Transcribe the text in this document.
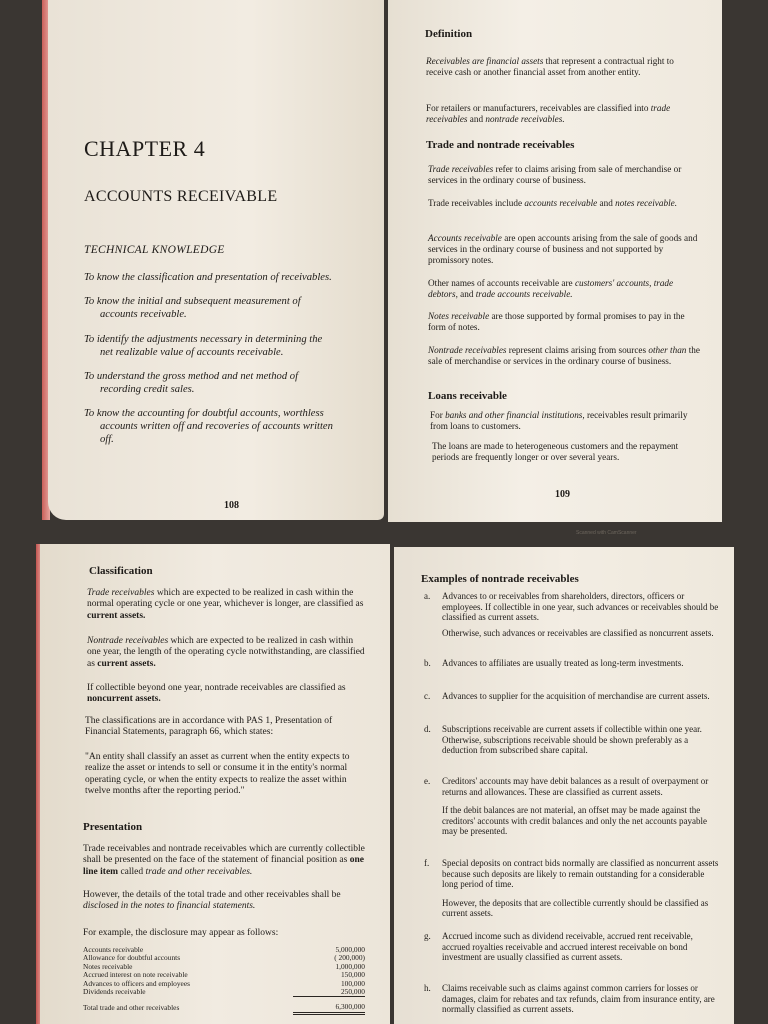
CHAPTER 4
ACCOUNTS RECEIVABLE
TECHNICAL KNOWLEDGE
To know the classification and presentation of receivables.
To know the initial and subsequent measurement of
accounts receivable.
To identify the adjustments necessary in determining the
net realizable value of accounts receivable.
To understand the gross method and net method of
recording credit sales.
To know the accounting for doubtful accounts, worthless
accounts written off and recoveries of accounts written
off.
108
Definition

Receivables are financial assets that represent a contractual right to receive cash or another financial asset from another entity.

For retailers or manufacturers, receivables are classified into trade receivables and nontrade receivables.

Trade and nontrade receivables

Trade receivables refer to claims arising from sale of merchandise or services in the ordinary course of business.

Trade receivables include accounts receivable and notes receivable.

Accounts receivable are open accounts arising from the sale of goods and services in the ordinary course of business and not supported by promissory notes.

Other names of accounts receivable are customers' accounts, trade debtors, and trade accounts receivable.

Notes receivable are those supported by formal promises to pay in the form of notes.

Nontrade receivables represent claims arising from sources other than the sale of merchandise or services in the ordinary course of business.

Loans receivable

For banks and other financial institutions, receivables result primarily from loans to customers.

The loans are made to heterogeneous customers and the repayment periods are frequently longer or over several years.

109
Scanned with CamScanner
Classification

Trade receivables which are expected to be realized in cash within the normal operating cycle or one year, whichever is longer, are classified as current assets.

Nontrade receivables which are expected to be realized in cash within one year, the length of the operating cycle notwithstanding, are classified as current assets.

If collectible beyond one year, nontrade receivables are classified as noncurrent assets.

The classifications are in accordance with PAS 1, Presentation of Financial Statements, paragraph 66, which states:

"An entity shall classify an asset as current when the entity expects to realize the asset or intends to sell or consume it in the entity's normal operating cycle, or when the entity expects to realize the asset within twelve months after the reporting period."

Presentation

Trade receivables and nontrade receivables which are currently collectible shall be presented on the face of the statement of financial position as one line item called trade and other receivables.

However, the details of the total trade and other receivables shall be disclosed in the notes to financial statements.

For example, the disclosure may appear as follows:

Accounts receivable	5,000,000
Allowance for doubtful accounts	( 200,000)
Notes receivable	1,000,000
Accrued interest on note receivable	150,000
Advances to officers and employees	100,000
Dividends receivable	250,000
Total trade and other receivables	6,300,000
Examples of nontrade receivables
a. Advances to or receivables from shareholders, directors, officers or employees. If collectible in one year, such advances or receivables should be classified as current assets.
Otherwise, such advances or receivables are classified as noncurrent assets.
b. Advances to affiliates are usually treated as long-term investments.
c. Advances to supplier for the acquisition of merchandise are current assets.
d. Subscriptions receivable are current assets if collectible within one year. Otherwise, subscriptions receivable should be shown preferably as a deduction from subscribed share capital.
e. Creditors' accounts may have debit balances as a result of overpayment or returns and allowances. These are classified as current assets.
If the debit balances are not material, an offset may be made against the creditors' accounts with credit balances and only the net accounts payable may be presented.
f. Special deposits on contract bids normally are classified as noncurrent assets because such deposits are likely to remain outstanding for a considerable long period of time.
However, the deposits that are collectible currently should be classified as current assets.
g. Accrued income such as dividend receivable, accrued rent receivable, accrued royalties receivable and accrued interest receivable on bond investment are usually classified as current assets.
h. Claims receivable such as claims against common carriers for losses or damages, claim for rebates and tax refunds, claim from insurance entity, are normally classified as current assets.
